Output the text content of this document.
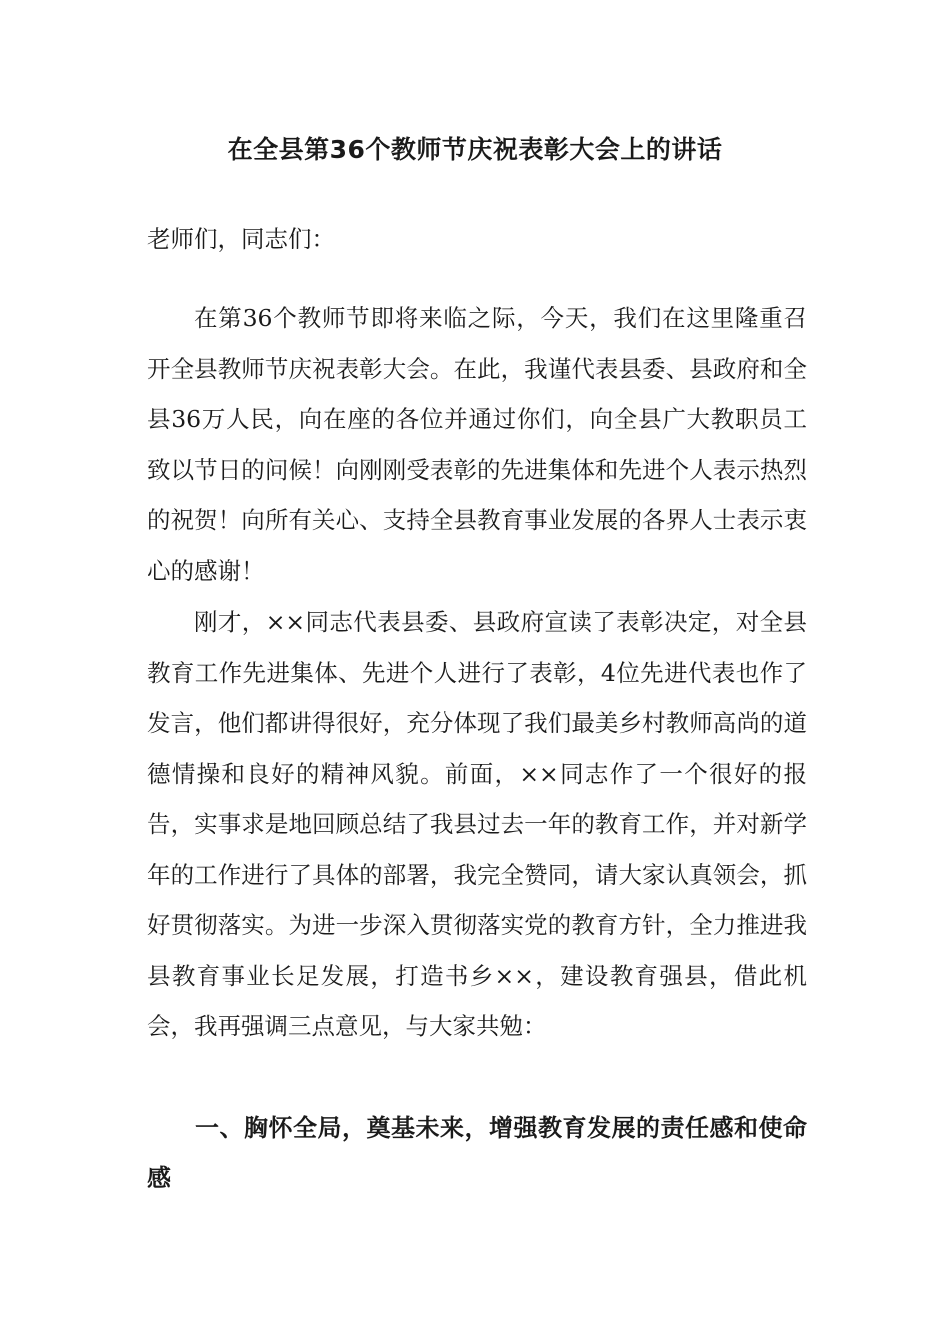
在全县第36个教师节庆祝表彰大会上的讲话

老师们，同志们：

在第36个教师节即将来临之际，今天，我们在这里隆重召开全县教师节庆祝表彰大会。在此，我谨代表县委、县政府和全县36万人民，向在座的各位并通过你们，向全县广大教职员工致以节日的问候！向刚刚受表彰的先进集体和先进个人表示热烈的祝贺！向所有关心、支持全县教育事业发展的各界人士表示衷心的感谢！

刚才，××同志代表县委、县政府宣读了表彰决定，对全县教育工作先进集体、先进个人进行了表彰，4位先进代表也作了发言，他们都讲得很好，充分体现了我们最美乡村教师高尚的道德情操和良好的精神风貌。前面，××同志作了一个很好的报告，实事求是地回顾总结了我县过去一年的教育工作，并对新学年的工作进行了具体的部署，我完全赞同，请大家认真领会，抓好贯彻落实。为进一步深入贯彻落实党的教育方针，全力推进我县教育事业长足发展，打造书乡××，建设教育强县，借此机会，我再强调三点意见，与大家共勉：

一、胸怀全局，奠基未来，增强教育发展的责任感和使命感
